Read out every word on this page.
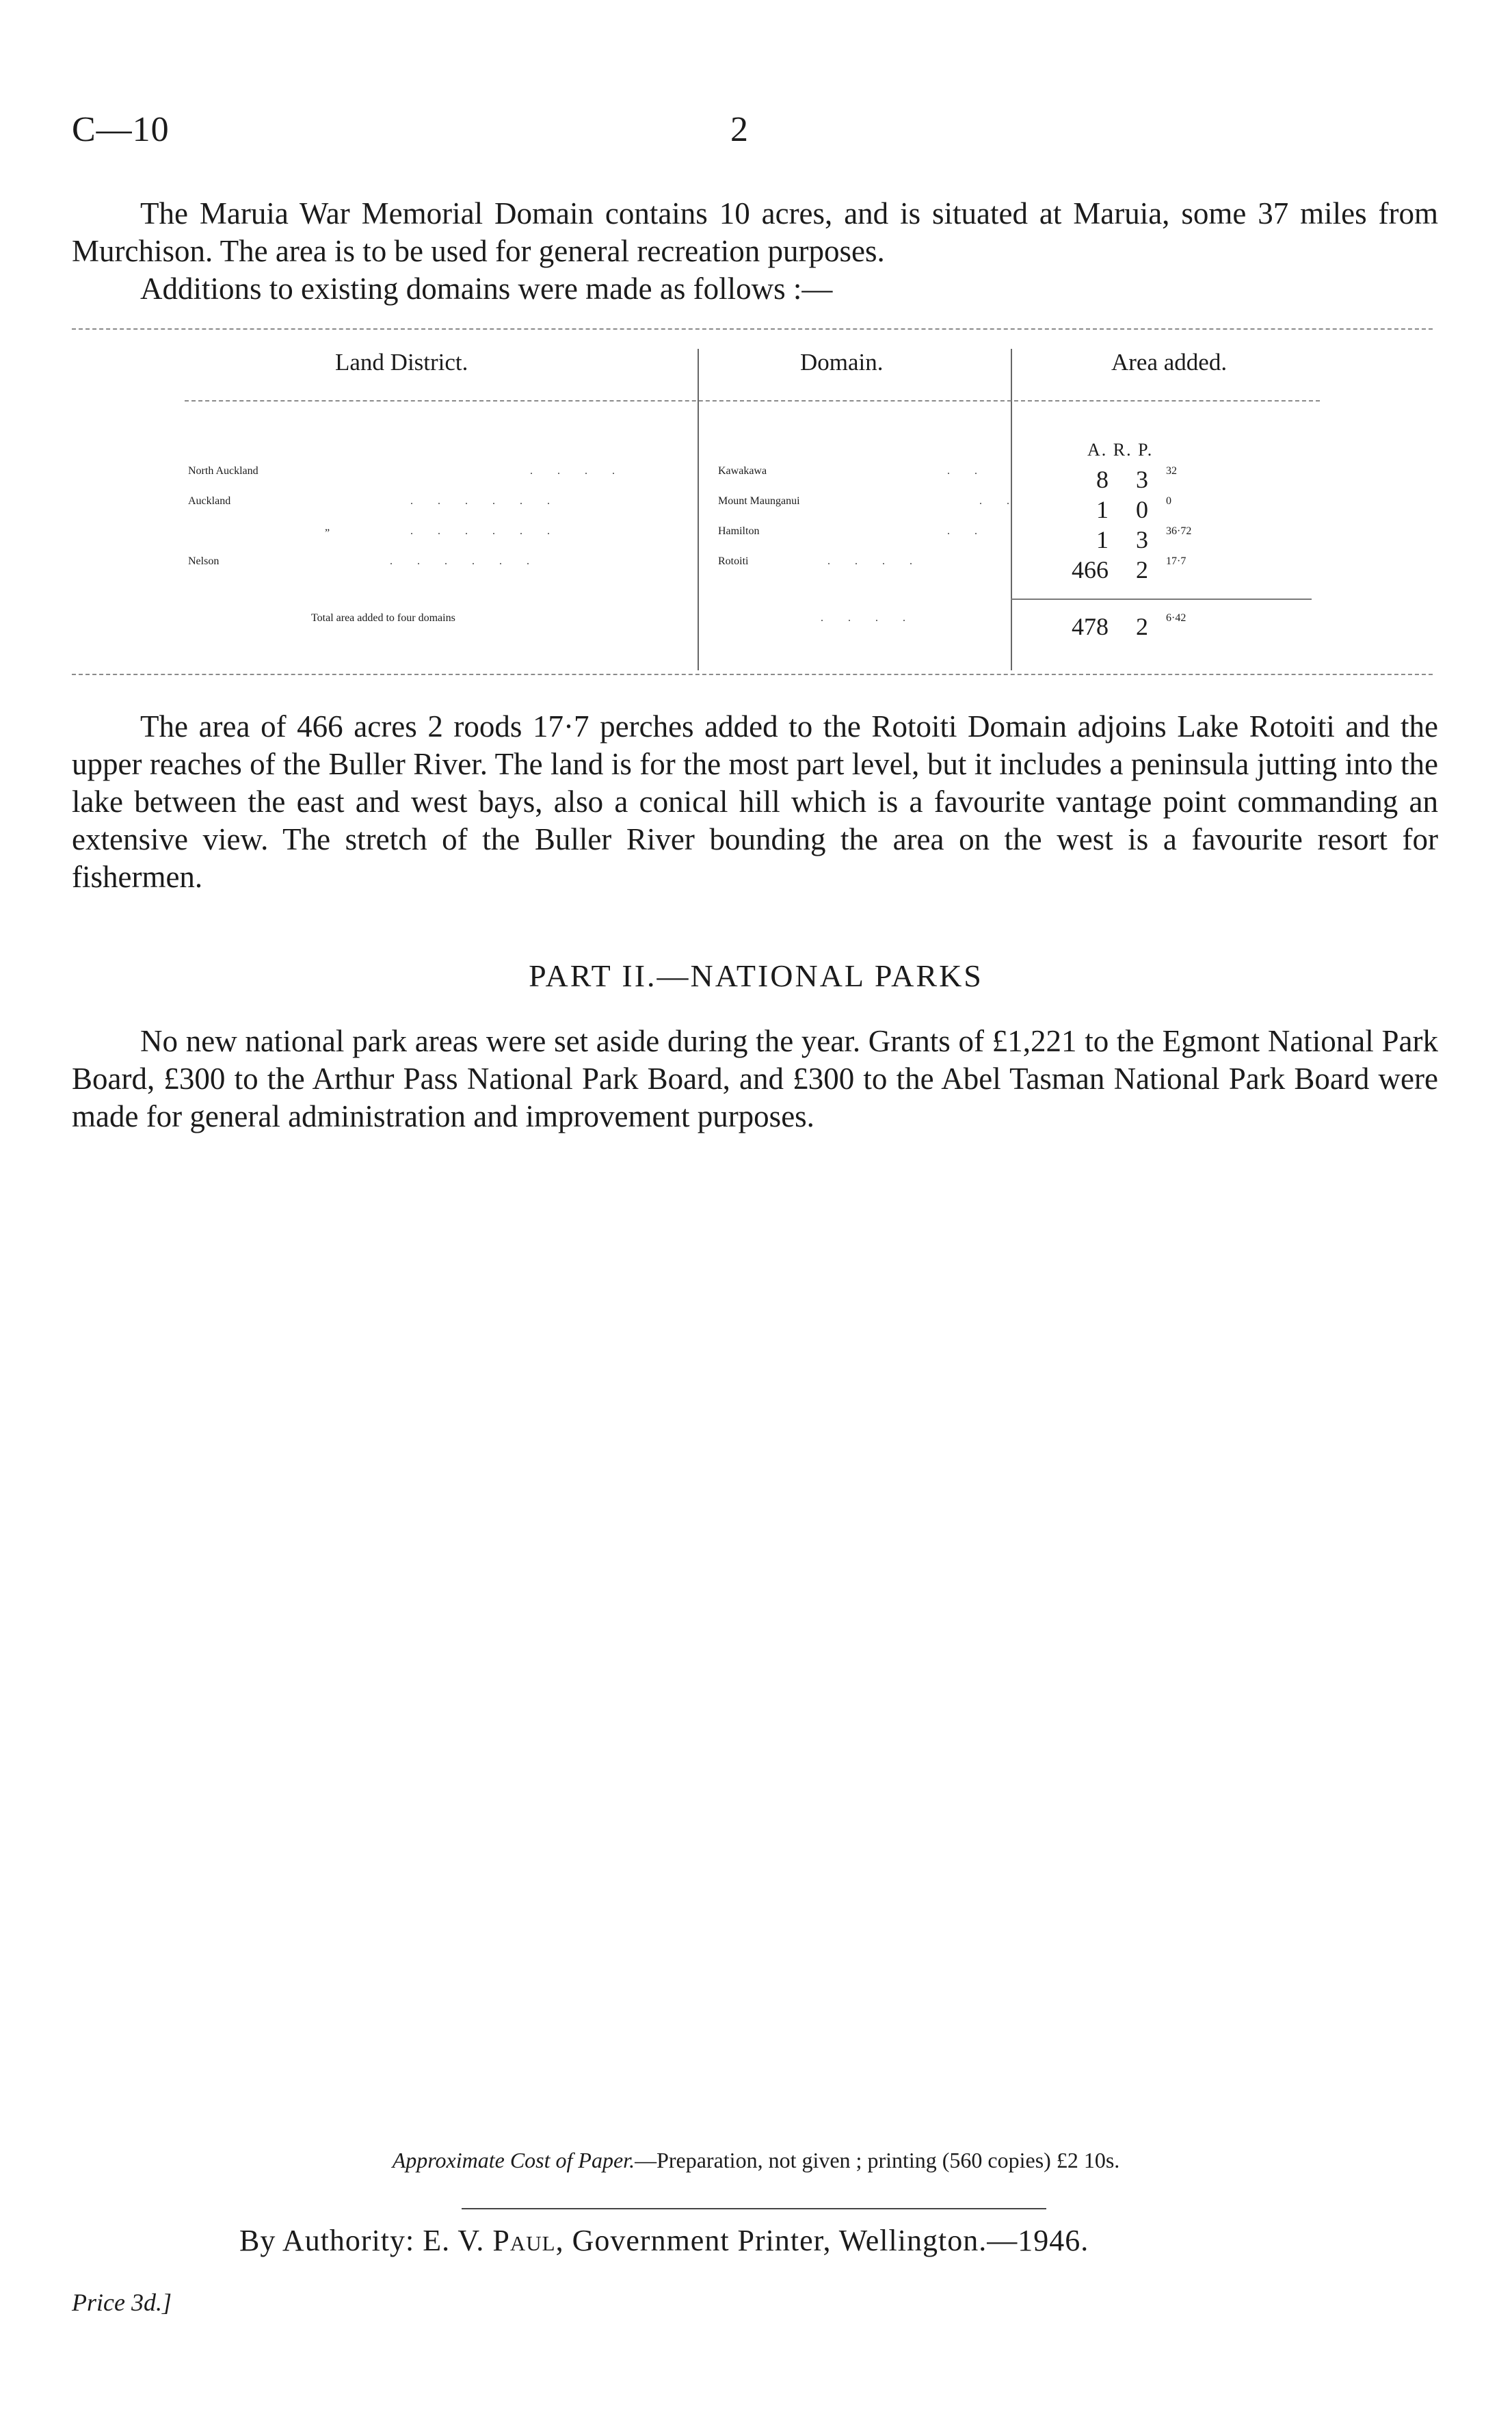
C—10	2

The Maruia War Memorial Domain contains 10 acres, and is situated at Maruia, some 37 miles from Murchison. The area is to be used for general recreation purposes.

Additions to existing domains were made as follows :—

Land District.	Domain.	Area added.
A. R. P.
North Auckland	. . . .	Kawakawa	. .	8 3 32
Auckland	. . . . . .	Mount Maunganui	. .	1 0 0
„	. . . . . .	Hamilton	. .	1 3 36·72
Nelson	. . . . . .	Rotoiti	. . . .	466 2 17·7
Total area added to four domains	. . . .	478 2 6·42

The area of 466 acres 2 roods 17·7 perches added to the Rotoiti Domain adjoins Lake Rotoiti and the upper reaches of the Buller River. The land is for the most part level, but it includes a peninsula jutting into the lake between the east and west bays, also a conical hill which is a favourite vantage point commanding an extensive view. The stretch of the Buller River bounding the area on the west is a favourite resort for fishermen.

PART II.—NATIONAL PARKS

No new national park areas were set aside during the year. Grants of £1,221 to the Egmont National Park Board, £300 to the Arthur Pass National Park Board, and £300 to the Abel Tasman National Park Board were made for general administration and improvement purposes.

Approximate Cost of Paper.—Preparation, not given ; printing (560 copies) £2 10s.
By Authority: E. V. Paul, Government Printer, Wellington.—1946.
Price 3d.]
